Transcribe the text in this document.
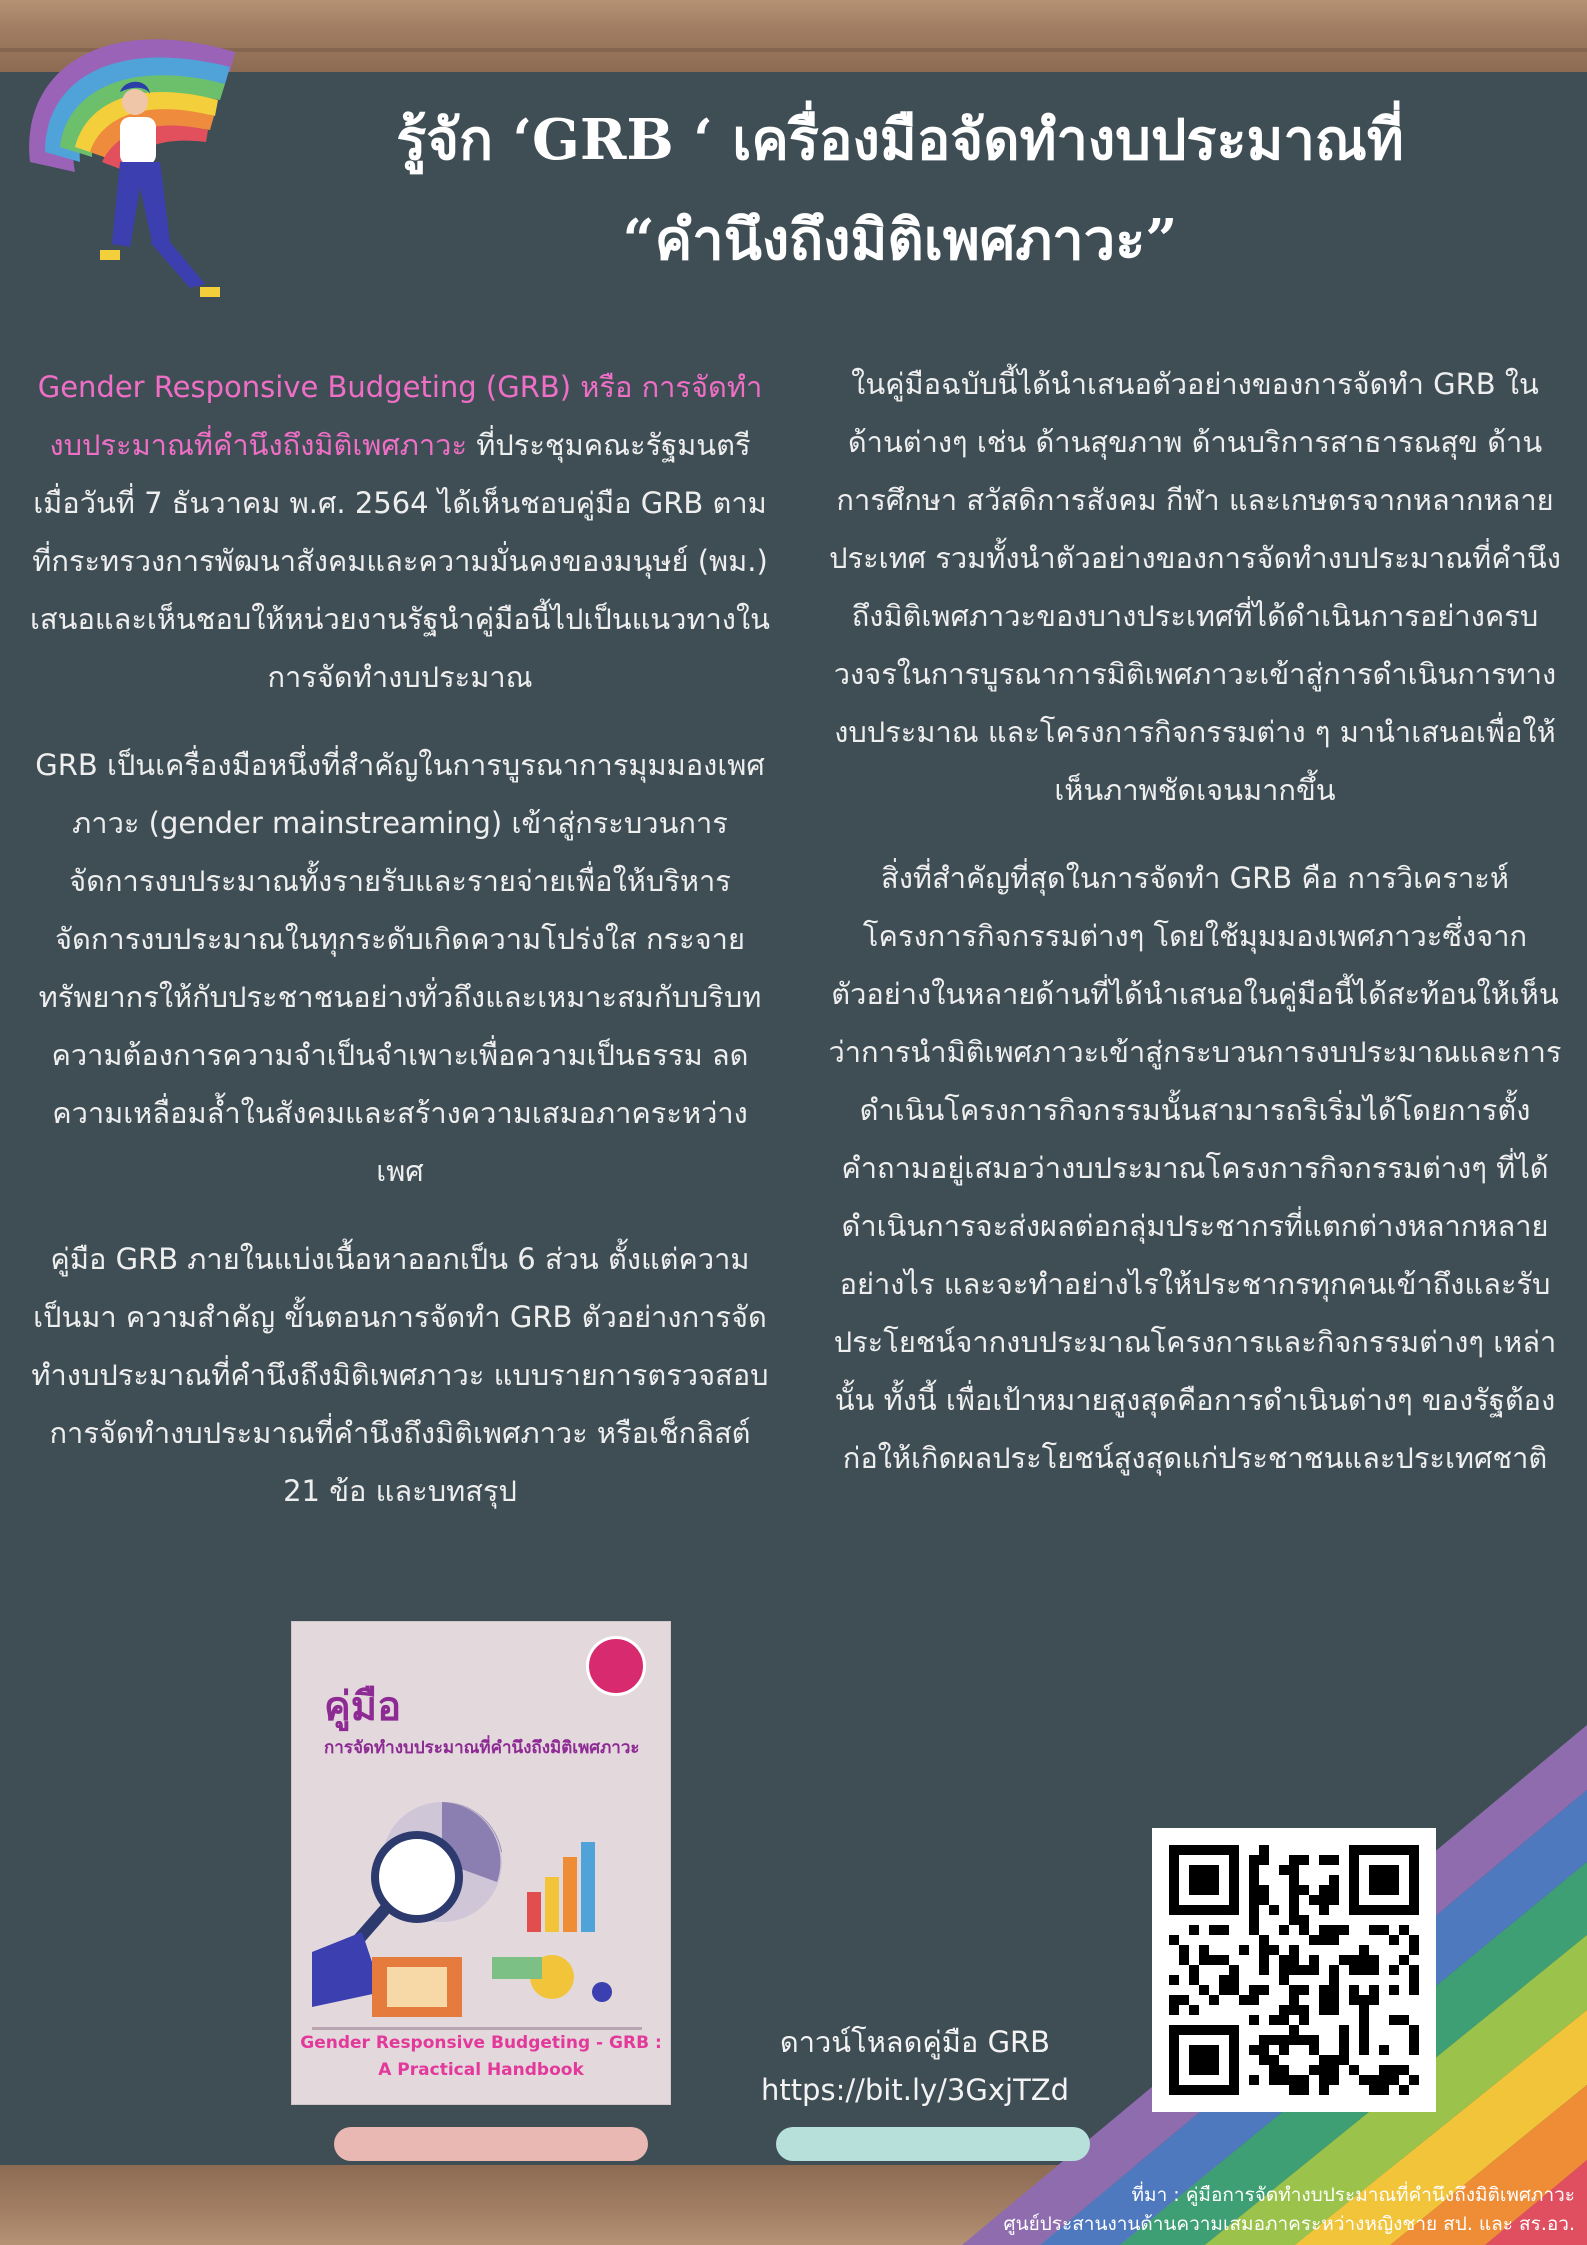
รู้จัก ‘GRB ‘ เครื่องมือจัดทำงบประมาณที่
“คำนึงถึงมิติเพศภาวะ”

Gender Responsive Budgeting (GRB) หรือ การจัดทำงบประมาณที่คำนึงถึงมิติเพศภาวะ ที่ประชุมคณะรัฐมนตรี เมื่อวันที่ 7 ธันวาคม พ.ศ. 2564 ได้เห็นชอบคู่มือ GRB ตามที่กระทรวงการพัฒนาสังคมและความมั่นคงของมนุษย์ (พม.) เสนอและเห็นชอบให้หน่วยงานรัฐนำคู่มือนี้ไปเป็นแนวทางในการจัดทำงบประมาณ

GRB เป็นเครื่องมือหนึ่งที่สำคัญในการบูรณาการมุมมองเพศภาวะ (gender mainstreaming) เข้าสู่กระบวนการจัดการงบประมาณทั้งรายรับและรายจ่ายเพื่อให้บริหารจัดการงบประมาณในทุกระดับเกิดความโปร่งใส กระจายทรัพยากรให้กับประชาชนอย่างทั่วถึงและเหมาะสมกับบริบทความต้องการความจำเป็นจำเพาะเพื่อความเป็นธรรม ลดความเหลื่อมล้ำในสังคมและสร้างความเสมอภาคระหว่างเพศ

คู่มือ GRB ภายในแบ่งเนื้อหาออกเป็น 6 ส่วน ตั้งแต่ความเป็นมา ความสำคัญ ขั้นตอนการจัดทำ GRB ตัวอย่างการจัดทำงบประมาณที่คำนึงถึงมิติเพศภาวะ แบบรายการตรวจสอบการจัดทำงบประมาณที่คำนึงถึงมิติเพศภาวะ หรือเช็กลิสต์ 21 ข้อ และบทสรุป

ในคู่มือฉบับนี้ได้นำเสนอตัวอย่างของการจัดทำ GRB ในด้านต่างๆ เช่น ด้านสุขภาพ ด้านบริการสาธารณสุข ด้านการศึกษา สวัสดิการสังคม กีฬา และเกษตรจากหลากหลายประเทศ รวมทั้งนำตัวอย่างของการจัดทำงบประมาณที่คำนึงถึงมิติเพศภาวะของบางประเทศที่ได้ดำเนินการอย่างครบวงจรในการบูรณาการมิติเพศภาวะเข้าสู่การดำเนินการทางงบประมาณ และโครงการกิจกรรมต่าง ๆ มานำเสนอเพื่อให้เห็นภาพชัดเจนมากขึ้น

สิ่งที่สำคัญที่สุดในการจัดทำ GRB คือ การวิเคราะห์โครงการกิจกรรมต่างๆ โดยใช้มุมมองเพศภาวะซึ่งจากตัวอย่างในหลายด้านที่ได้นำเสนอในคู่มือนี้ได้สะท้อนให้เห็นว่าการนำมิติเพศภาวะเข้าสู่กระบวนการงบประมาณและการดำเนินโครงการกิจกรรมนั้นสามารถริเริ่มได้โดยการตั้งคำถามอยู่เสมอว่างบประมาณโครงการกิจกรรมต่างๆ ที่ได้ดำเนินการจะส่งผลต่อกลุ่มประชากรที่แตกต่างหลากหลายอย่างไร และจะทำอย่างไรให้ประชากรทุกคนเข้าถึงและรับประโยชน์จากงบประมาณโครงการและกิจกรรมต่างๆ เหล่านั้น ทั้งนี้ เพื่อเป้าหมายสูงสุดคือการดำเนินต่างๆ ของรัฐต้องก่อให้เกิดผลประโยชน์สูงสุดแก่ประชาชนและประเทศชาติ

คู่มือ
การจัดทำงบประมาณที่คำนึงถึงมิติเพศภาวะ
Gender Responsive Budgeting - GRB :
A Practical Handbook
ดาวน์โหลดคู่มือ GRB
https://bit.ly/3GxjTZd
ที่มา : คู่มือการจัดทำงบประมาณที่คำนึงถึงมิติเพศภาวะ
ศูนย์ประสานงานด้านความเสมอภาคระหว่างหญิงชาย สป. และ สร.อว.
